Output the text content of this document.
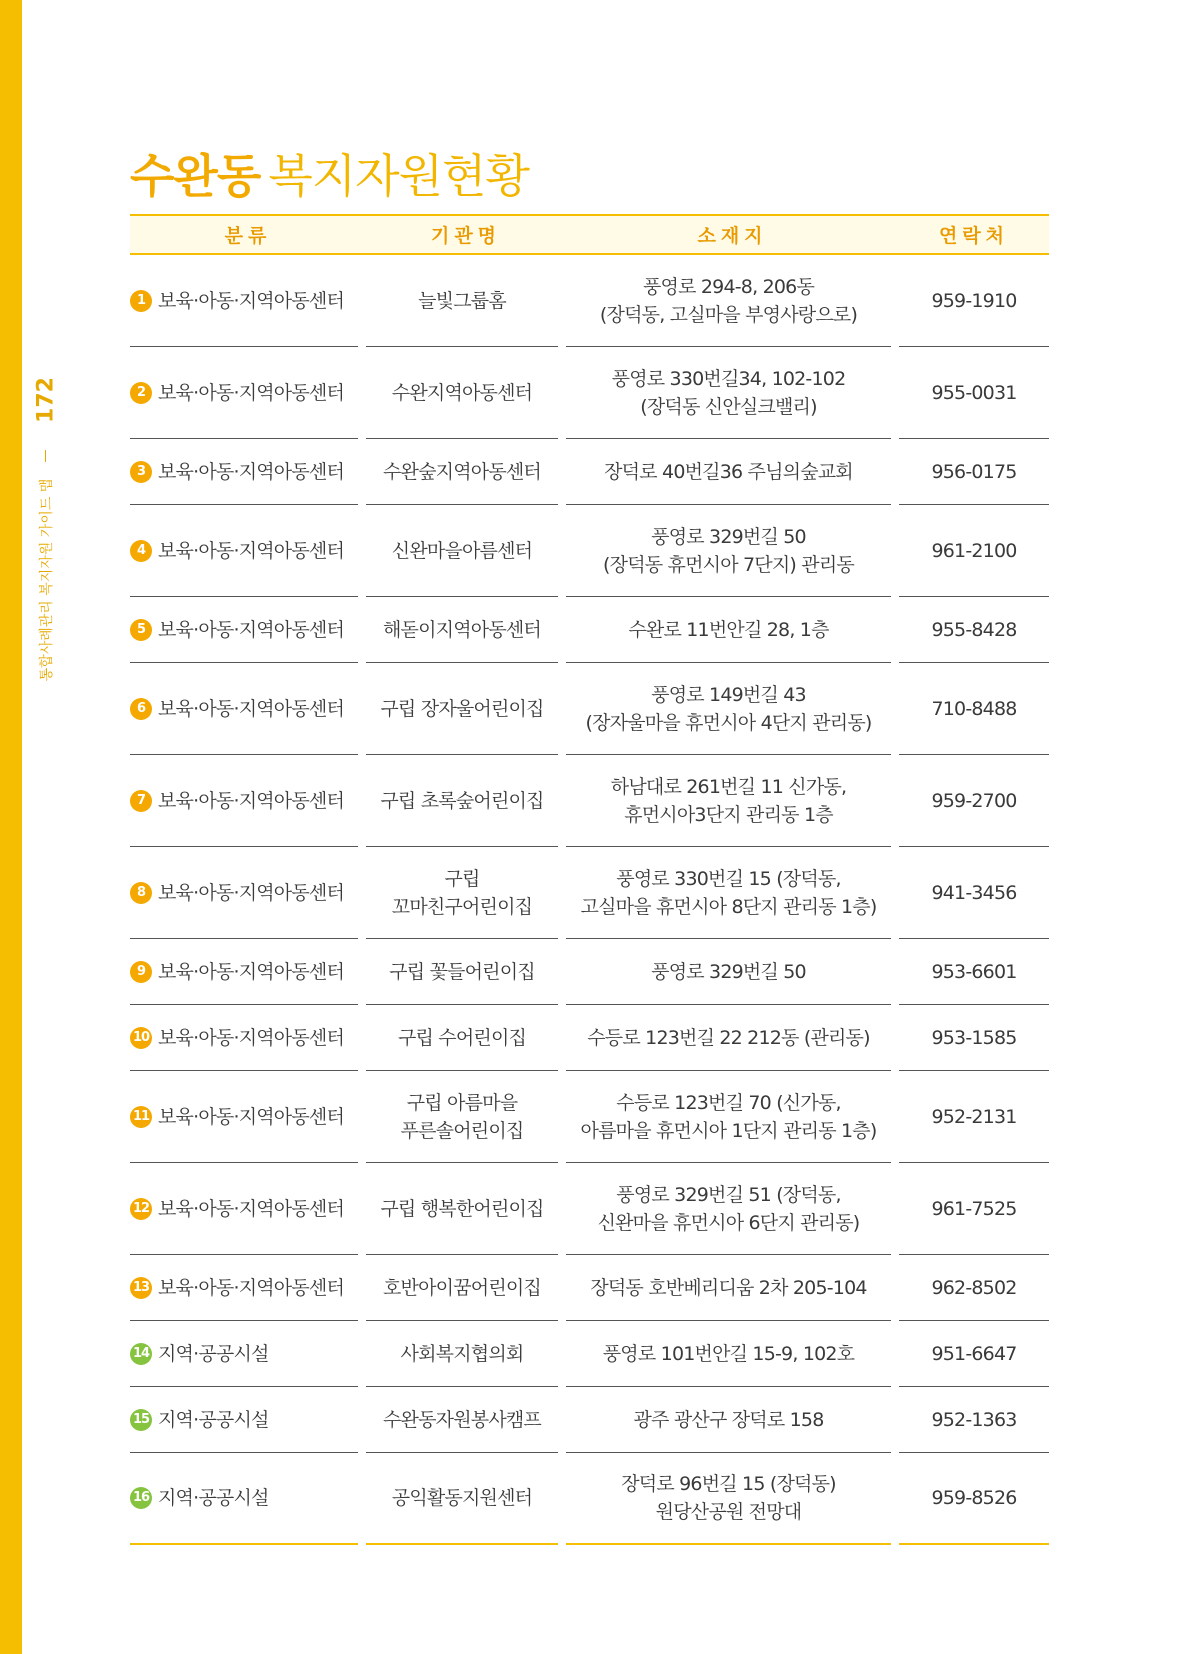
172
통합사례관리 복지자원 가이드 맵
수완동 복지자원현황
분류	기관명	소재지	연락처

1 보육·아동·지역아동센터	늘빛그룹홈	풍영로 294-8, 206동
(장덕동, 고실마을 부영사랑으로)	959-1910

2 보육·아동·지역아동센터	수완지역아동센터	풍영로 330번길34, 102-102
(장덕동 신안실크밸리)	955-0031

3 보육·아동·지역아동센터	수완숲지역아동센터	장덕로 40번길36 주님의숲교회	956-0175

4 보육·아동·지역아동센터	신완마을아름센터	풍영로 329번길 50
(장덕동 휴먼시아 7단지) 관리동	961-2100

5 보육·아동·지역아동센터	해돋이지역아동센터	수완로 11번안길 28, 1층	955-8428

6 보육·아동·지역아동센터	구립 장자울어린이집	풍영로 149번길 43
(장자울마을 휴먼시아 4단지 관리동)	710-8488

7 보육·아동·지역아동센터	구립 초록숲어린이집	하남대로 261번길 11 신가동,
휴먼시아3단지 관리동 1층	959-2700

8 보육·아동·지역아동센터	구립
꼬마친구어린이집	풍영로 330번길 15 (장덕동,
고실마을 휴먼시아 8단지 관리동 1층)	941-3456

9 보육·아동·지역아동센터	구립 꽃들어린이집	풍영로 329번길 50	953-6601

10 보육·아동·지역아동센터	구립 수어린이집	수등로 123번길 22 212동 (관리동)	953-1585

11 보육·아동·지역아동센터	구립 아름마을
푸른솔어린이집	수등로 123번길 70 (신가동,
아름마을 휴먼시아 1단지 관리동 1층)	952-2131

12 보육·아동·지역아동센터	구립 행복한어린이집	풍영로 329번길 51 (장덕동,
신완마을 휴먼시아 6단지 관리동)	961-7525

13 보육·아동·지역아동센터	호반아이꿈어린이집	장덕동 호반베리디움 2차 205-104	962-8502

14 지역·공공시설	사회복지협의회	풍영로 101번안길 15-9, 102호	951-6647

15 지역·공공시설	수완동자원봉사캠프	광주 광산구 장덕로 158	952-1363

16 지역·공공시설	공익활동지원센터	장덕로 96번길 15 (장덕동)
원당산공원 전망대	959-8526
